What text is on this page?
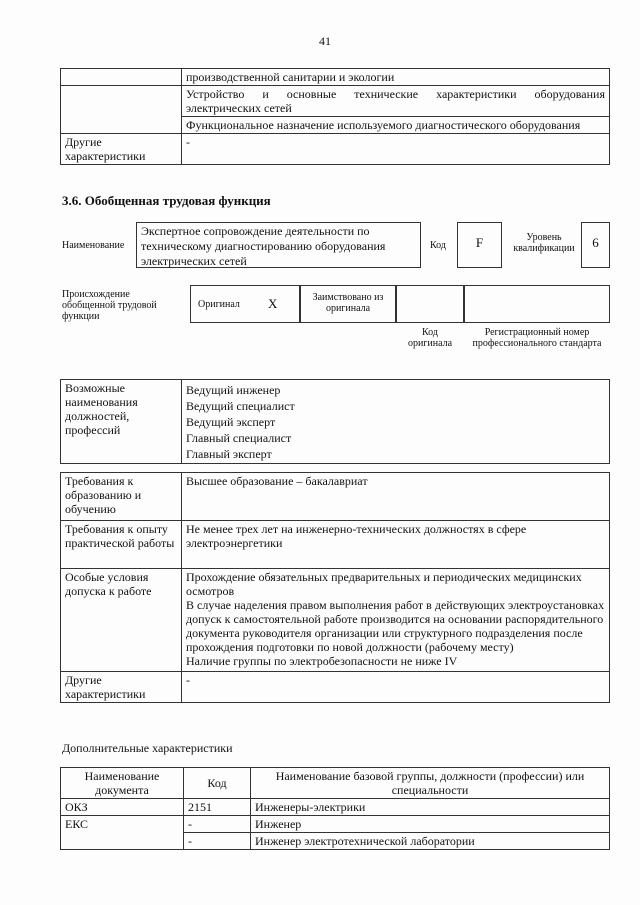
41
	производственной санитарии и экологии
	Устройство и основные технические характеристики оборудования электрических сетей
	Функциональное назначение используемого диагностического оборудования
Другие характеристики	-
3.6. Обобщенная трудовая функция
Наименование
Экспертное сопровождение деятельности по техническому диагностированию оборудования электрических сетей
Код	F	Уровень квалификации	6
Происхождение обобщенной трудовой функции
Оригинал X	Заимствовано из оригинала
Код оригинала
Регистрационный номер профессионального стандарта
Возможные наименования должностей, профессий	
Ведущий инженер
Ведущий специалист
Ведущий эксперт
Главный специалист
Главный эксперт
Требования к образованию и обучению	Высшее образование – бакалавриат
Требования к опыту практической работы	Не менее трех лет на инженерно-технических должностях в сфере электроэнергетики
Особые условия допуска к работе	Прохождение обязательных предварительных и периодических медицинских осмотров
В случае наделения правом выполнения работ в действующих электроустановках допуск к самостоятельной работе производится на основании распорядительного документа руководителя организации или структурного подразделения после прохождения подготовки по новой должности (рабочему месту)
Наличие группы по электробезопасности не ниже IV

Другие характеристики	-
Дополнительные характеристики
Наименование документа	Код	Наименование базовой группы, должности (профессии) или специальности
ОКЗ	2151	Инженеры-электрики
ЕКС	-	Инженер
	-	Инженер электротехнической лаборатории
